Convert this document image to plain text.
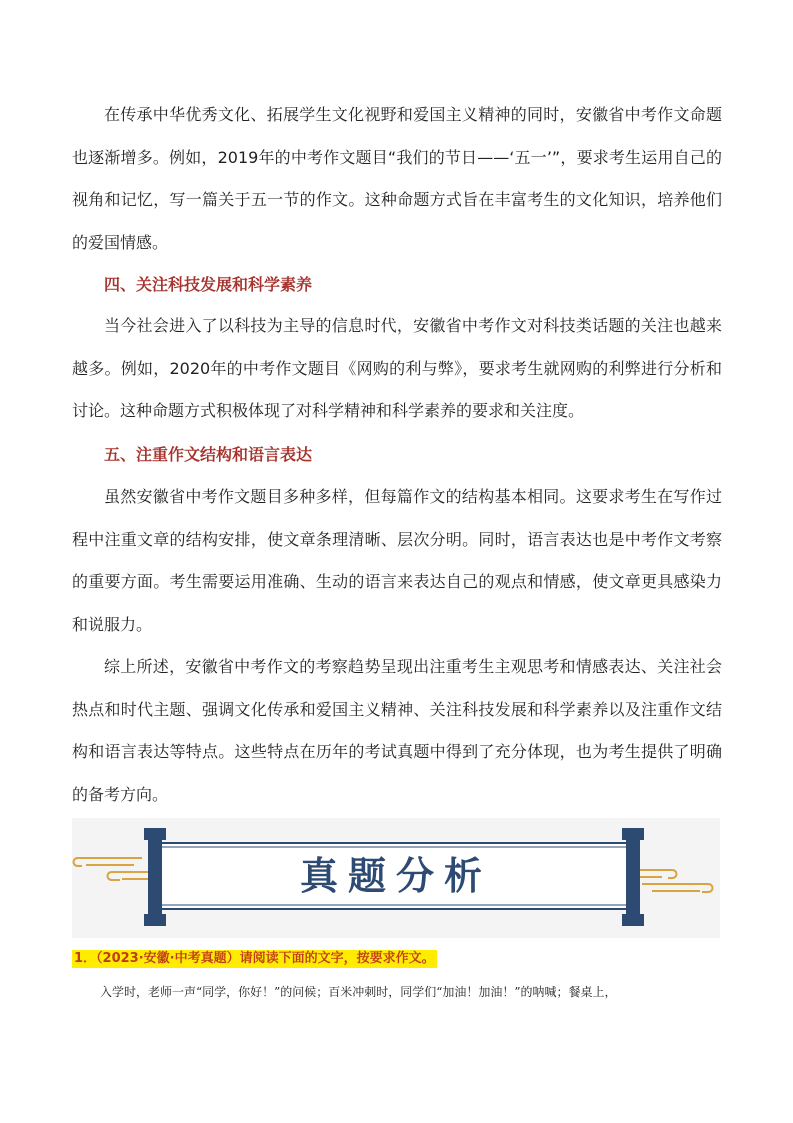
在传承中华优秀文化、拓展学生文化视野和爱国主义精神的同时，安徽省中考作文命题也逐渐增多。例如，2019年的中考作文题目“我们的节日——‘五一’”，要求考生运用自己的视角和记忆，写一篇关于五一节的作文。这种命题方式旨在丰富考生的文化知识，培养他们的爱国情感。

四、关注科技发展和科学素养

当今社会进入了以科技为主导的信息时代，安徽省中考作文对科技类话题的关注也越来越多。例如，2020年的中考作文题目《网购的利与弊》，要求考生就网购的利弊进行分析和讨论。这种命题方式积极体现了对科学精神和科学素养的要求和关注度。

五、注重作文结构和语言表达

虽然安徽省中考作文题目多种多样，但每篇作文的结构基本相同。这要求考生在写作过程中注重文章的结构安排，使文章条理清晰、层次分明。同时，语言表达也是中考作文考察的重要方面。考生需要运用准确、生动的语言来表达自己的观点和情感，使文章更具感染力和说服力。

综上所述，安徽省中考作文的考察趋势呈现出注重考生主观思考和情感表达、关注社会热点和时代主题、强调文化传承和爱国主义精神、关注科技发展和科学素养以及注重作文结构和语言表达等特点。这些特点在历年的考试真题中得到了充分体现，也为考生提供了明确的备考方向。

真题分析
1．（2023·安徽·中考真题）请阅读下面的文字，按要求作文。

入学时，老师一声“同学，你好！”的问候；百米冲刺时，同学们“加油！加油！”的呐喊；餐桌上，
